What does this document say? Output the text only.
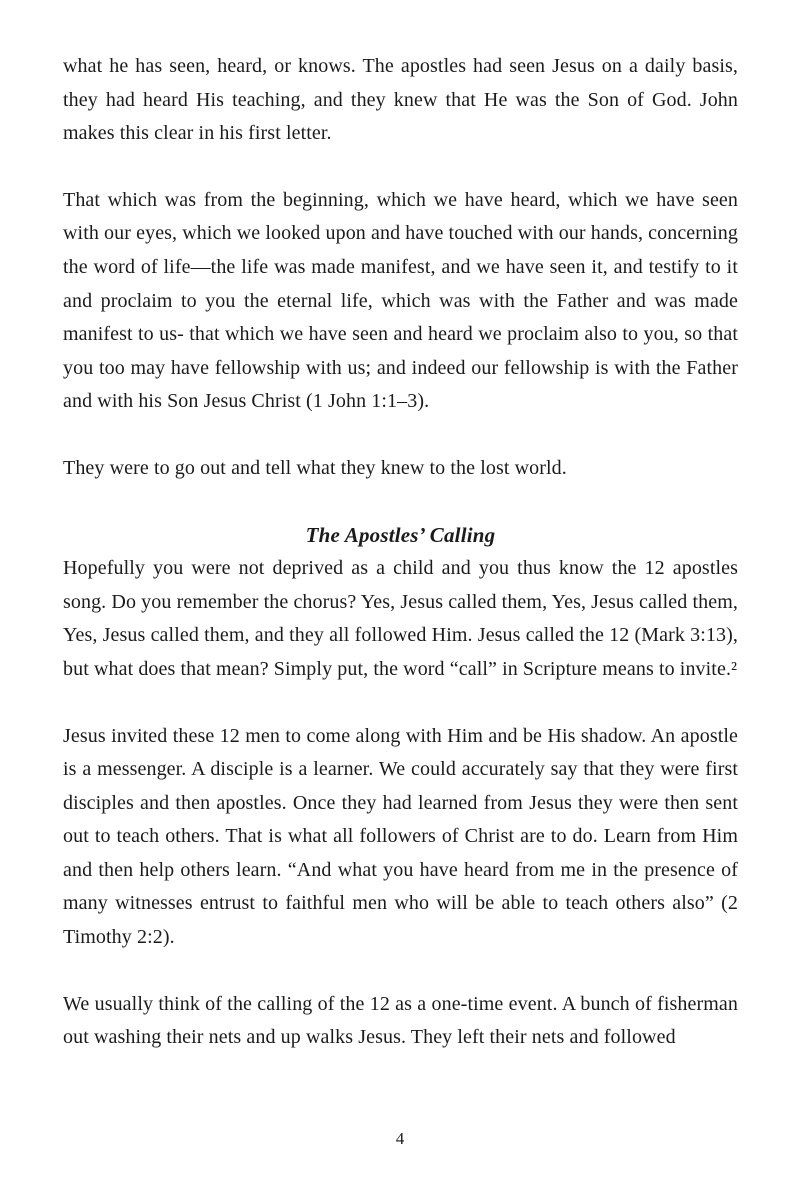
what he has seen, heard, or knows. The apostles had seen Jesus on a daily basis, they had heard His teaching, and they knew that He was the Son of God. John makes this clear in his first letter.

That which was from the beginning, which we have heard, which we have seen with our eyes, which we looked upon and have touched with our hands, concerning the word of life—the life was made manifest, and we have seen it, and testify to it and proclaim to you the eternal life, which was with the Father and was made manifest to us- that which we have seen and heard we proclaim also to you, so that you too may have fellowship with us; and indeed our fellowship is with the Father and with his Son Jesus Christ (1 John 1:1–3).

They were to go out and tell what they knew to the lost world.

The Apostles’ Calling

Hopefully you were not deprived as a child and you thus know the 12 apostles song. Do you remember the chorus? Yes, Jesus called them, Yes, Jesus called them, Yes, Jesus called them, and they all followed Him. Jesus called the 12 (Mark 3:13), but what does that mean? Simply put, the word “call” in Scripture means to invite.²

Jesus invited these 12 men to come along with Him and be His shadow. An apostle is a messenger. A disciple is a learner. We could accurately say that they were first disciples and then apostles. Once they had learned from Jesus they were then sent out to teach others. That is what all followers of Christ are to do. Learn from Him and then help others learn. “And what you have heard from me in the presence of many witnesses entrust to faithful men who will be able to teach others also” (2 Timothy 2:2).

We usually think of the calling of the 12 as a one-time event. A bunch of fisherman out washing their nets and up walks Jesus. They left their nets and followed

4
